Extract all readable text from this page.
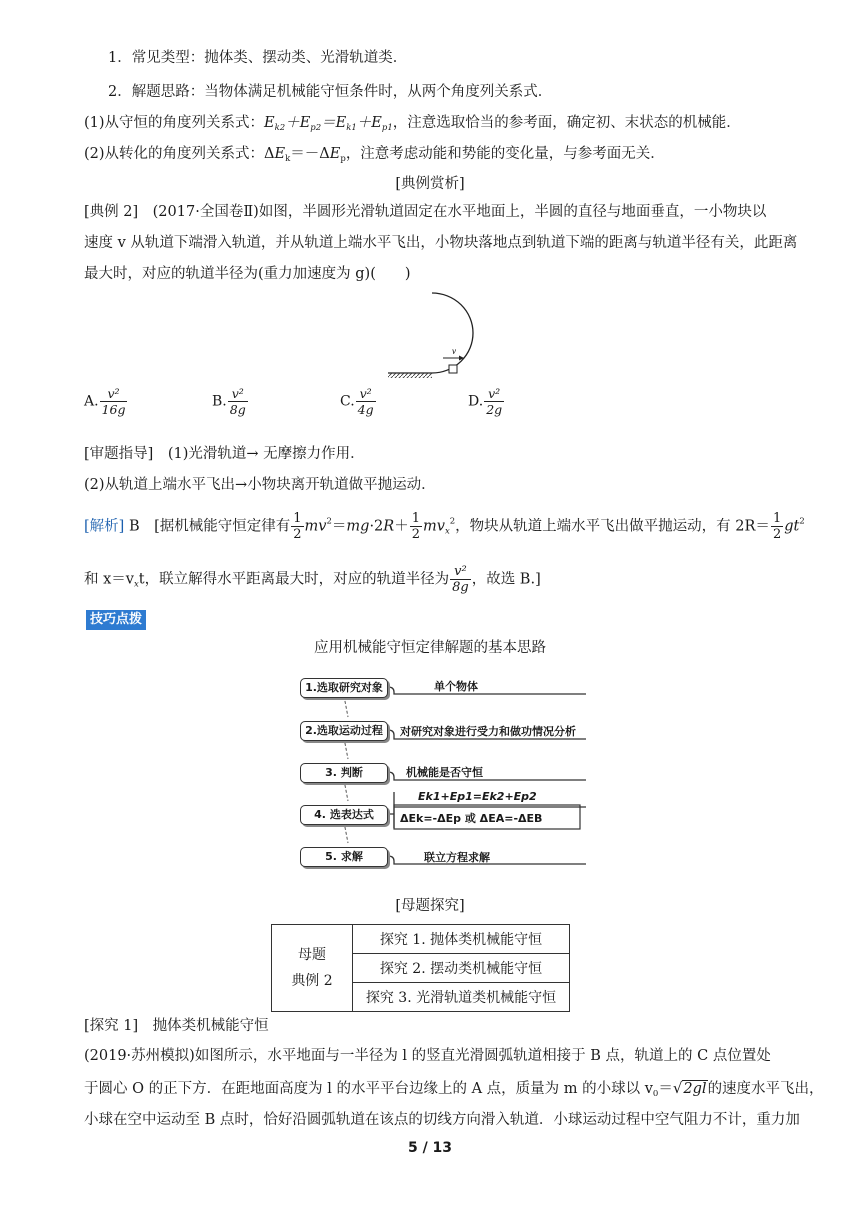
1．常见类型：抛体类、摆动类、光滑轨道类．
2．解题思路：当物体满足机械能守恒条件时，从两个角度列关系式．
(1)从守恒的角度列关系式：$E_{k2}+E_{p2}=E_{k1}+E_{p1}$，注意选取恰当的参考面，确定初、末状态的机械能．
(2)从转化的角度列关系式：$\Delta E_k=-\Delta E_p$，注意考虑动能和势能的变化量，与参考面无关．
[典例赏析]
[典例 2]　(2017·全国卷Ⅱ)如图，半圆形光滑轨道固定在水平地面上，半圆的直径与地面垂直，一小物块以
速度 v 从轨道下端滑入轨道，并从轨道上端水平飞出，小物块落地点到轨道下端的距离与轨道半径有关，此距离
最大时，对应的轨道半径为(重力加速度为 g)(　　)
v
A. $\frac{\text{v²}}{16g}$	B. $\frac{\text{v²}}{8g}$	C. $\frac{\text{v²}}{4g}$	D. $\frac{\text{v²}}{2g}$
[审题指导]　(1)光滑轨道→ 无摩擦力作用．
(2)从轨道上端水平飞出→小物块离开轨道做平抛运动．
[解析] B　[据机械能守恒定律有 $\frac{1}{2} mv^2=mg\cdot 2R+ \frac{1}{2} mv_x^2$，物块从轨道上端水平飞出做平抛运动，有 $2R= \frac{1}{2} gt^2$
和 $x=v_xt$，联立解得水平距离最大时，对应的轨道半径为 $\frac{\text{v²}}{8g}$ ，故选 B.]
技巧点拨
应用机械能守恒定律解题的基本思路
1.选取研究对象
2.选取运动过程
3. 判断
4. 选表达式
5. 求解
单个物体
对研究对象进行受力和做功情况分析
机械能是否守恒
Ek1+Ep1=Ek2+Ep2
ΔEk=-ΔEp 或 ΔEA=-ΔEB
联立方程求解
[母题探究]
母题
典例 2
	探究 1. 抛体类机械能守恒
探究 2. 摆动类机械能守恒
探究 3. 光滑轨道类机械能守恒
[探究 1]　抛体类机械能守恒
(2019·苏州模拟)如图所示，水平地面与一半径为 l 的竖直光滑圆弧轨道相接于 B 点，轨道上的 C 点位置处
于圆心 O 的正下方．在距地面高度为 l 的水平平台边缘上的 A 点，质量为 m 的小球以 $v_0=√2gl$的速度水平飞出，
小球在空中运动至 B 点时，恰好沿圆弧轨道在该点的切线方向滑入轨道．小球运动过程中空气阻力不计，重力加
5 / 13
